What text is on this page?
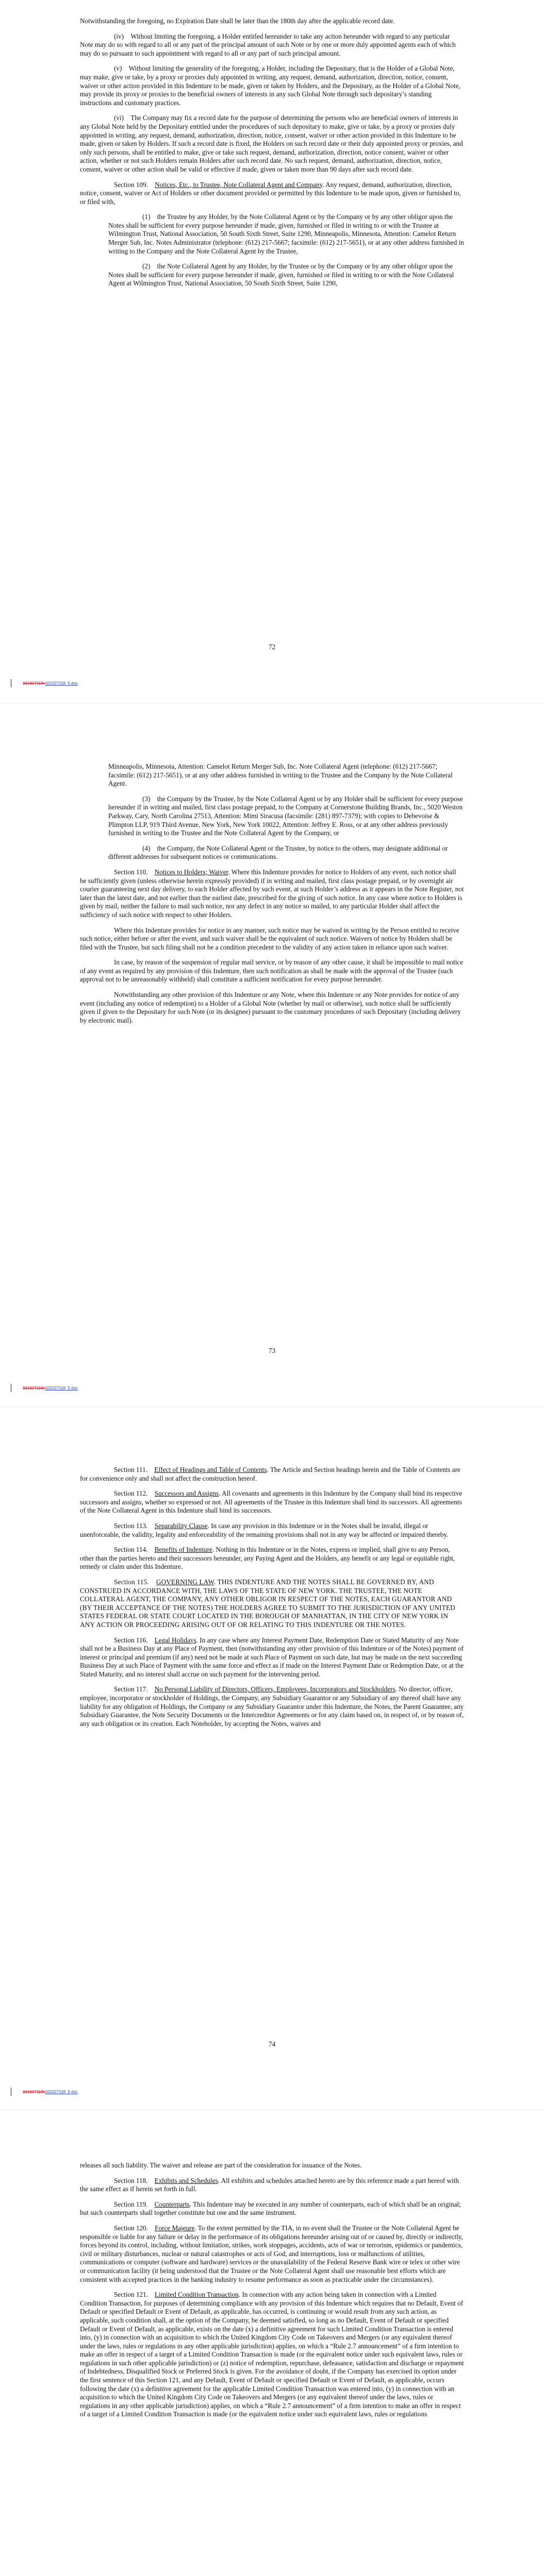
Notwithstanding the foregoing, no Expiration Date shall be later than the 180th day after the applicable record date.

(iv)    Without limiting the foregoing, a Holder entitled hereunder to take any action hereunder with regard to any particular Note may do so with regard to all or any part of the principal amount of such Note or by one or more duly appointed agents each of which may do so pursuant to such appointment with regard to all or any part of such principal amount.

(v)    Without limiting the generality of the foregoing, a Holder, including the Depositary, that is the Holder of a Global Note, may make, give or take, by a proxy or proxies duly appointed in writing, any request, demand, authorization, direction, notice, consent, waiver or other action provided in this Indenture to be made, given or taken by Holders, and the Depositary, as the Holder of a Global Note, may provide its proxy or proxies to the beneficial owners of interests in any such Global Note through such depositary’s standing instructions and customary practices.

(vi)    The Company may fix a record date for the purpose of determining the persons who are beneficial owners of interests in any Global Note held by the Depositary entitled under the procedures of such depositary to make, give or take, by a proxy or proxies duly appointed in writing, any request, demand, authorization, direction, notice, consent, waiver or other action provided in this Indenture to be made, given or taken by Holders. If such a record date is fixed, the Holders on such record date or their duly appointed proxy or proxies, and only such persons, shall be entitled to make, give or take such request, demand, authorization, direction, notice consent, waiver or other action, whether or not such Holders remain Holders after such record date. No such request, demand, authorization, direction, notice, consent, waiver or other action shall be valid or effective if made, given or taken more than 90 days after such record date.

Section 109.    Notices, Etc., to Trustee, Note Collateral Agent and Company. Any request, demand, authorization, direction, notice, consent, waiver or Act of Holders or other document provided or permitted by this Indenture to be made upon, given or furnished to, or filed with,

(1)    the Trustee by any Holder, by the Note Collateral Agent or by the Company or by any other obligor upon the Notes shall be sufficient for every purpose hereunder if made, given, furnished or filed in writing to or with the Trustee at Wilmington Trust, National Association, 50 South Sixth Street, Suite 1290, Minneapolis, Minnesota, Attention: Camelot Return Merger Sub, Inc. Notes Administrator (telephone: (612) 217-5667; facsimile: (612) 217-5651), or at any other address furnished in writing to the Company and the Note Collateral Agent by the Trustee,

(2)    the Note Collateral Agent by any Holder, by the Trustee or by the Company or by any other obligor upon the Notes shall be sufficient for every purpose hereunder if made, given, furnished or filed in writing to or with the Note Collateral Agent at Wilmington Trust, National Association, 50 South Sixth Street, Suite 1290,

72
161627118v101527118_5 doc

Minneapolis, Minnesota, Attention: Camelot Return Merger Sub, Inc. Note Collateral Agent (telephone: (612) 217-5667; facsimile: (612) 217-5651), or at any other address furnished in writing to the Trustee and the Company by the Note Collateral Agent.

(3)    the Company by the Trustee, by the Note Collateral Agent or by any Holder shall be sufficient for every purpose hereunder if in writing and mailed, first class postage prepaid, to the Company at Cornerstone Building Brands, Inc., 5020 Weston Parkway, Cary, North Carolina 27513, Attention: Mimi Siracusa (facsimile: (281) 897-7379); with copies to Debevoise & Plimpton LLP, 919 Third Avenue, New York, New York 10022, Attention: Jeffrey E. Ross, or at any other address previously furnished in writing to the Trustee and the Note Collateral Agent by the Company, or

(4)    the Company, the Note Collateral Agent or the Trustee, by notice to the others, may designate additional or different addresses for subsequent notices or communications.

Section 110.    Notices to Holders; Waiver. Where this Indenture provides for notice to Holders of any event, such notice shall be sufficiently given (unless otherwise herein expressly provided) if in writing and mailed, first class postage prepaid, or by overnight air courier guaranteeing next day delivery, to each Holder affected by such event, at such Holder’s address as it appears in the Note Register, not later than the latest date, and not earlier than the earliest date, prescribed for the giving of such notice. In any case where notice to Holders is given by mail, neither the failure to mail such notice, nor any defect in any notice so mailed, to any particular Holder shall affect the sufficiency of such notice with respect to other Holders.

Where this Indenture provides for notice in any manner, such notice may be waived in writing by the Person entitled to receive such notice, either before or after the event, and such waiver shall be the equivalent of such notice. Waivers of notice by Holders shall be filed with the Trustee, but such filing shall not be a condition precedent to the validity of any action taken in reliance upon such waiver.

In case, by reason of the suspension of regular mail service, or by reason of any other cause, it shall be impossible to mail notice of any event as required by any provision of this Indenture, then such notification as shall be made with the approval of the Trustee (such approval not to be unreasonably withheld) shall constitute a sufficient notification for every purpose hereunder.

Notwithstanding any other provision of this Indenture or any Note, where this Indenture or any Note provides for notice of any event (including any notice of redemption) to a Holder of a Global Note (whether by mail or otherwise), such notice shall be sufficiently given if given to the Depositary for such Note (or its designee) pursuant to the customary procedures of such Depositary (including delivery by electronic mail).

73
161627118v101527118_5 doc

Section 111.    Effect of Headings and Table of Contents. The Article and Section headings herein and the Table of Contents are for convenience only and shall not affect the construction hereof.

Section 112.    Successors and Assigns. All covenants and agreements in this Indenture by the Company shall bind its respective successors and assigns, whether so expressed or not. All agreements of the Trustee in this Indenture shall bind its successors. All agreements of the Note Collateral Agent in this Indenture shall bind its successors.

Section 113.    Separability Clause. In case any provision in this Indenture or in the Notes shall be invalid, illegal or unenforceable, the validity, legality and enforceability of the remaining provisions shall not in any way be affected or impaired thereby.

Section 114.    Benefits of Indenture. Nothing in this Indenture or in the Notes, express or implied, shall give to any Person, other than the parties hereto and their successors hereunder, any Paying Agent and the Holders, any benefit or any legal or equitable right, remedy or claim under this Indenture.

Section 115.    GOVERNING LAW. THIS INDENTURE AND THE NOTES SHALL BE GOVERNED BY, AND CONSTRUED IN ACCORDANCE WITH, THE LAWS OF THE STATE OF NEW YORK. THE TRUSTEE, THE NOTE COLLATERAL AGENT, THE COMPANY, ANY OTHER OBLIGOR IN RESPECT OF THE NOTES, EACH GUARANTOR AND (BY THEIR ACCEPTANCE OF THE NOTES) THE HOLDERS AGREE TO SUBMIT TO THE JURISDICTION OF ANY UNITED STATES FEDERAL OR STATE COURT LOCATED IN THE BOROUGH OF MANHATTAN, IN THE CITY OF NEW YORK IN ANY ACTION OR PROCEEDING ARISING OUT OF OR RELATING TO THIS INDENTURE OR THE NOTES.

Section 116.    Legal Holidays. In any case where any Interest Payment Date, Redemption Date or Stated Maturity of any Note shall not be a Business Day at any Place of Payment, then (notwithstanding any other provision of this Indenture or of the Notes) payment of interest or principal and premium (if any) need not be made at such Place of Payment on such date, but may be made on the next succeeding Business Day at such Place of Payment with the same force and effect as if made on the Interest Payment Date or Redemption Date, or at the Stated Maturity, and no interest shall accrue on such payment for the intervening period.

Section 117.    No Personal Liability of Directors, Officers, Employees, Incorporators and Stockholders. No director, officer, employee, incorporator or stockholder of Holdings, the Company, any Subsidiary Guarantor or any Subsidiary of any thereof shall have any liability for any obligation of Holdings, the Company or any Subsidiary Guarantor under this Indenture, the Notes, the Parent Guarantee, any Subsidiary Guarantee, the Note Security Documents or the Intercreditor Agreements or for any claim based on, in respect of, or by reason of, any such obligation or its creation. Each Noteholder, by accepting the Notes, waives and

74
161627118v101527118_5 doc

releases all such liability. The waiver and release are part of the consideration for issuance of the Notes.

Section 118.    Exhibits and Schedules. All exhibits and schedules attached hereto are by this reference made a part hereof with the same effect as if herein set forth in full.

Section 119.    Counterparts. This Indenture may be executed in any number of counterparts, each of which shall be an original; but such counterparts shall together constitute but one and the same instrument.

Section 120.    Force Majeure. To the extent permitted by the TIA, in no event shall the Trustee or the Note Collateral Agent be responsible or liable for any failure or delay in the performance of its obligations hereunder arising out of or caused by, directly or indirectly, forces beyond its control, including, without limitation, strikes, work stoppages, accidents, acts of war or terrorism, epidemics or pandemics, civil or military disturbances, nuclear or natural catastrophes or acts of God, and interruptions, loss or malfunctions of utilities, communications or computer (software and hardware) services or the unavailability of the Federal Reserve Bank wire or telex or other wire or communication facility (it being understood that the Trustee or the Note Collateral Agent shall use reasonable best efforts which are consistent with accepted practices in the banking industry to resume performance as soon as practicable under the circumstances).

Section 121.    Limited Condition Transaction. In connection with any action being taken in connection with a Limited Condition Transaction, for purposes of determining compliance with any provision of this Indenture which requires that no Default, Event of Default or specified Default or Event of Default, as applicable, has occurred, is continuing or would result from any such action, as applicable, such condition shall, at the option of the Company, be deemed satisfied, so long as no Default, Event of Default or specified Default or Event of Default, as applicable, exists on the date (x) a definitive agreement for such Limited Condition Transaction is entered into, (y) in connection with an acquisition to which the United Kingdom City Code on Takeovers and Mergers (or any equivalent thereof under the laws, rules or regulations in any other applicable jurisdiction) applies, on which a “Rule 2.7 announcement” of a firm intention to make an offer in respect of a target of a Limited Condition Transaction is made (or the equivalent notice under such equivalent laws, rules or regulations in such other applicable jurisdiction) or (z) notice of redemption, repurchase, defeasance, satisfaction and discharge or repayment of Indebtedness, Disqualified Stock or Preferred Stock is given. For the avoidance of doubt, if the Company has exercised its option under the first sentence of this Section 121, and any Default, Event of Default or specified Default or Event of Default, as applicable, occurs following the date (x) a definitive agreement for the applicable Limited Condition Transaction was entered into, (y) in connection with an acquisition to which the United Kingdom City Code on Takeovers and Mergers (or any equivalent thereof under the laws, rules or regulations in any other applicable jurisdiction) applies, on which a “Rule 2.7 announcement” of a firm intention to make an offer in respect of a target of a Limited Condition Transaction is made (or the equivalent notice under such equivalent laws, rules or regulations
